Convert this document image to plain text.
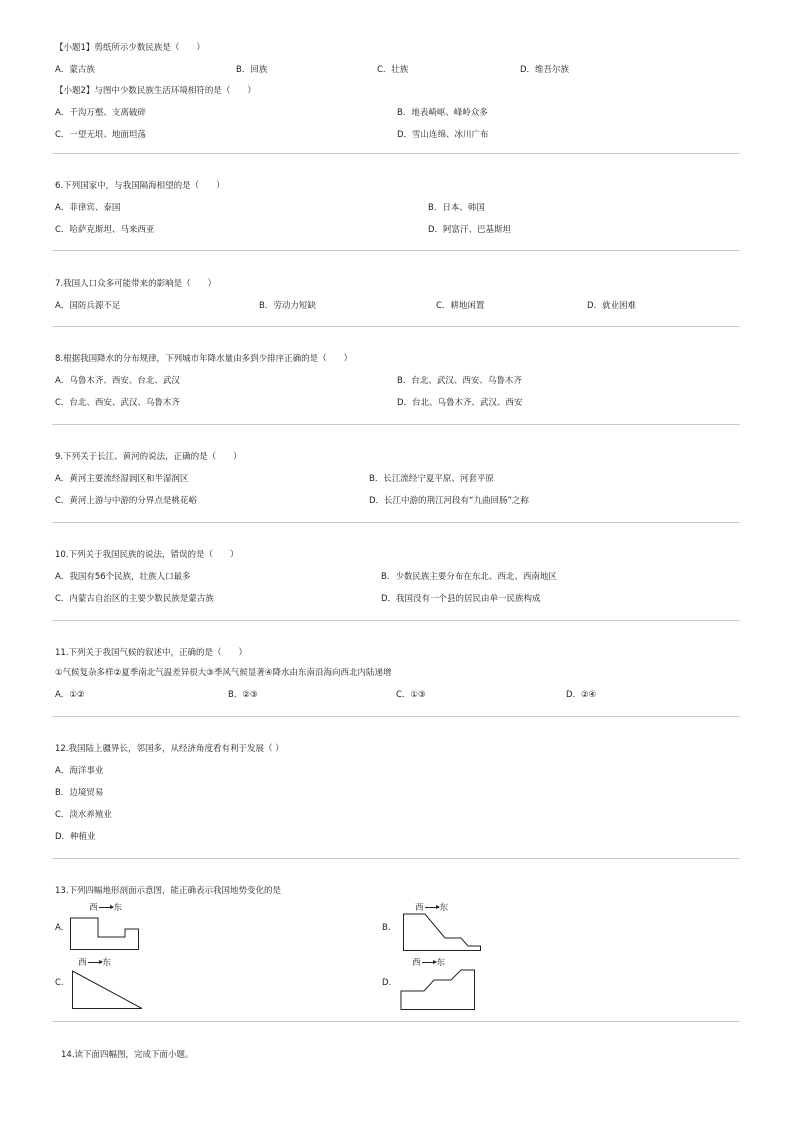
【小题1】剪纸所示少数民族是（　　）
A．蒙古族	B．回族	C．壮族	D．维吾尔族
【小题2】与图中少数民族生活环境相符的是（　　）
A．千沟万壑、支离破碎	B．地表崎岖、峰岭众多
C．一望无垠、地面坦荡	D．雪山连绵、冰川广布
6.下列国家中，与我国隔海相望的是（　　）
A．菲律宾、泰国	B．日本、韩国
C．哈萨克斯坦、马来西亚	D．阿富汗、巴基斯坦
7.我国人口众多可能带来的影响是（　　）
A．国防兵源不足	B．劳动力短缺	C．耕地闲置	D．就业困难
8.根据我国降水的分布规律，下列城市年降水量由多到少排序正确的是（　　）
A．乌鲁木齐、西安、台北、武汉	B．台北、武汉、西安、乌鲁木齐
C．台北、西安、武汉、乌鲁木齐	D．台北、乌鲁木齐、武汉、西安
9.下列关于长江、黄河的说法，正确的是（　　）
A．黄河主要流经湿润区和半湿润区	B．长江流经宁夏平原、河套平原
C．黄河上游与中游的分界点是桃花峪	D．长江中游的荆江河段有“九曲回肠”之称
10.下列关于我国民族的说法，错误的是（　　）
A．我国有56个民族，壮族人口最多	B．少数民族主要分布在东北、西北、西南地区
C．内蒙古自治区的主要少数民族是蒙古族	D．我国没有一个县的居民由单一民族构成
11.下列关于我国气候的叙述中，正确的是（　　）
①气候复杂多样②夏季南北气温差异很大③季风气候显著④降水由东南沿海向西北内陆递增
A．①②	B．②③	C．①③	D．②④
12.我国陆上疆界长，邻国多，从经济角度看有利于发展（ ）
A．海洋事业
B．边境贸易
C．淡水养殖业
D．种植业
13.下列四幅地形剖面示意图，能正确表示我国地势变化的是
A.
西 东
B.
西 东
C.
西 东
D.
西 东
14.读下面四幅图，完成下面小题。
